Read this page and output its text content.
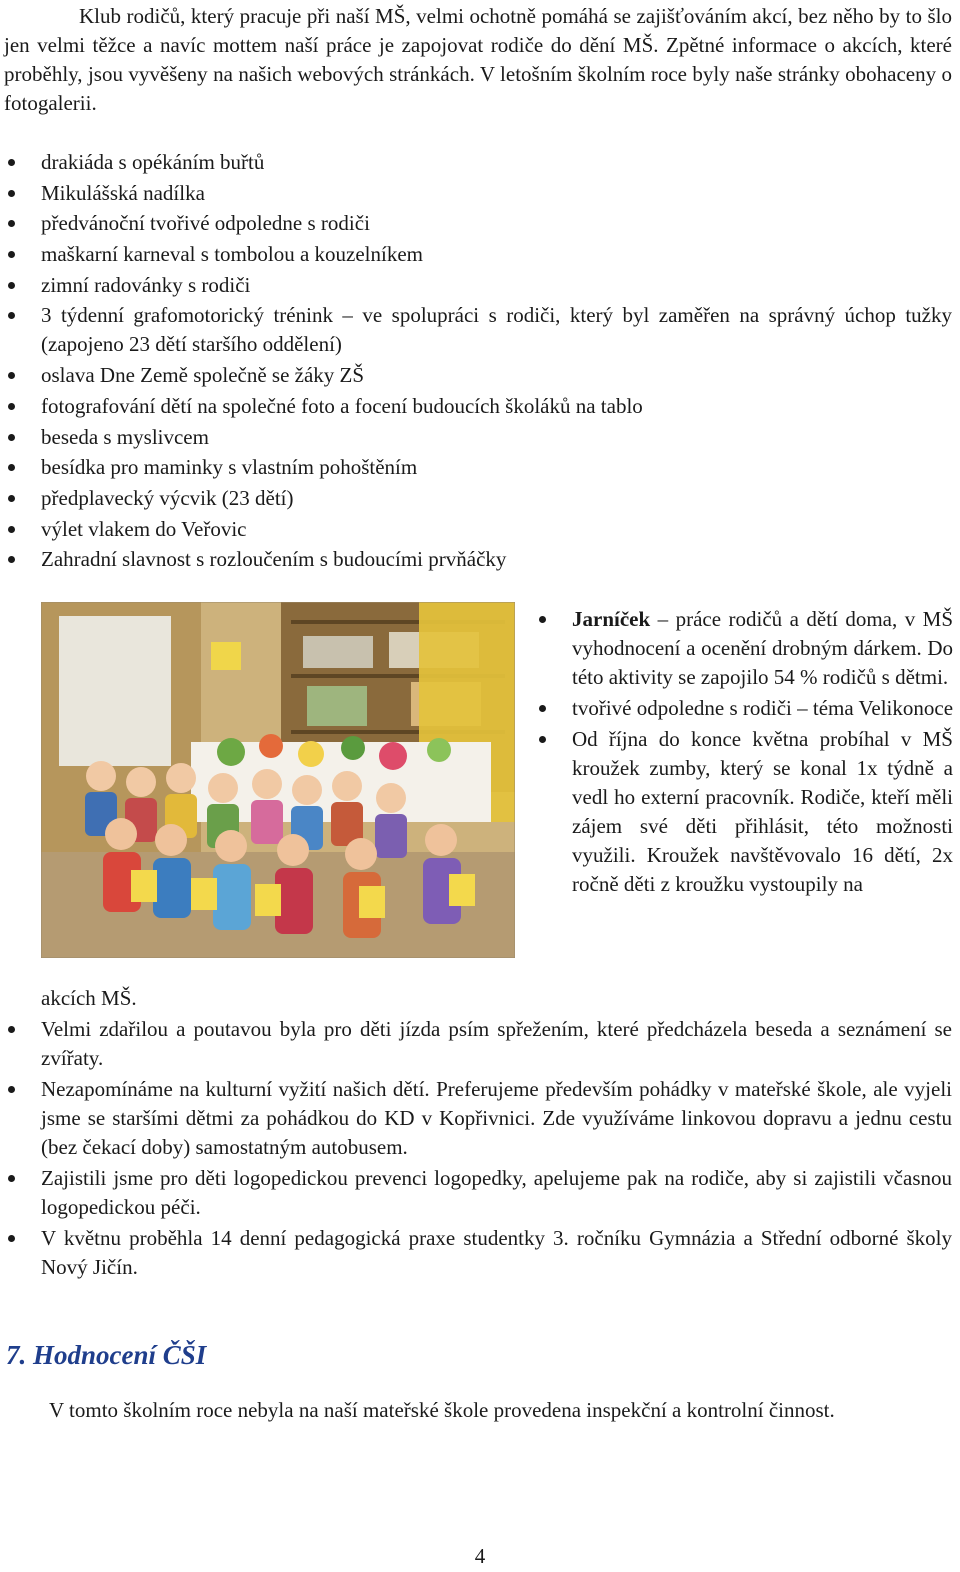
Klub rodičů, který pracuje při naší MŠ, velmi ochotně pomáhá se zajišťováním akcí, bez něho by to šlo jen velmi těžce a navíc mottem naší práce je zapojovat rodiče do dění MŠ. Zpětné informace o akcích, které proběhly, jsou vyvěšeny na našich webových stránkách. V letošním školním roce byly naše stránky obohaceny o fotogalerii.

drakiáda s opékáním buřtů
Mikulášská nadílka
předvánoční tvořivé odpoledne s rodiči
maškarní karneval s tombolou a kouzelníkem
zimní radovánky s rodiči
3 týdenní grafomotorický trénink – ve spolupráci s rodiči, který byl zaměřen na správný úchop tužky (zapojeno 23 dětí staršího oddělení)
oslava Dne Země společně se žáky ZŠ
fotografování dětí na společné foto a focení budoucích školáků na tablo
beseda s myslivcem
besídka pro maminky s vlastním pohoštěním
předplavecký výcvik (23 dětí)
výlet vlakem do Veřovic
Zahradní slavnost s rozloučením s budoucími prvňáčky
Jarníček – práce rodičů a dětí doma, v MŠ vyhodnocení a ocenění drobným dárkem. Do této aktivity se zapojilo 54 % rodičů s dětmi.
tvořivé odpoledne s rodiči – téma Velikonoce
Od října do konce května probíhal v MŠ kroužek zumby, který se konal 1x týdně a vedl ho externí pracovník. Rodiče, kteří měli zájem své děti přihlásit, této možnosti využili. Kroužek navštěvovalo 16 dětí, 2x ročně děti z kroužku vystoupily na

akcích MŠ.

Velmi zdařilou a poutavou byla pro děti jízda psím spřežením, které předcházela beseda a seznámení se zvířaty.
Nezapomínáme na kulturní vyžití našich dětí. Preferujeme především pohádky v mateřské škole, ale vyjeli jsme se staršími dětmi za pohádkou do KD v Kopřivnici. Zde využíváme linkovou dopravu a jednu cestu (bez čekací doby) samostatným autobusem.
Zajistili jsme pro děti logopedickou prevenci logopedky, apelujeme pak na rodiče, aby si zajistili včasnou logopedickou péči.
V květnu proběhla 14 denní pedagogická praxe studentky 3. ročníku Gymnázia a Střední odborné školy Nový Jičín.
7. Hodnocení ČŠI

V tomto školním roce nebyla na naší mateřské škole provedena inspekční a kontrolní činnost.

4
